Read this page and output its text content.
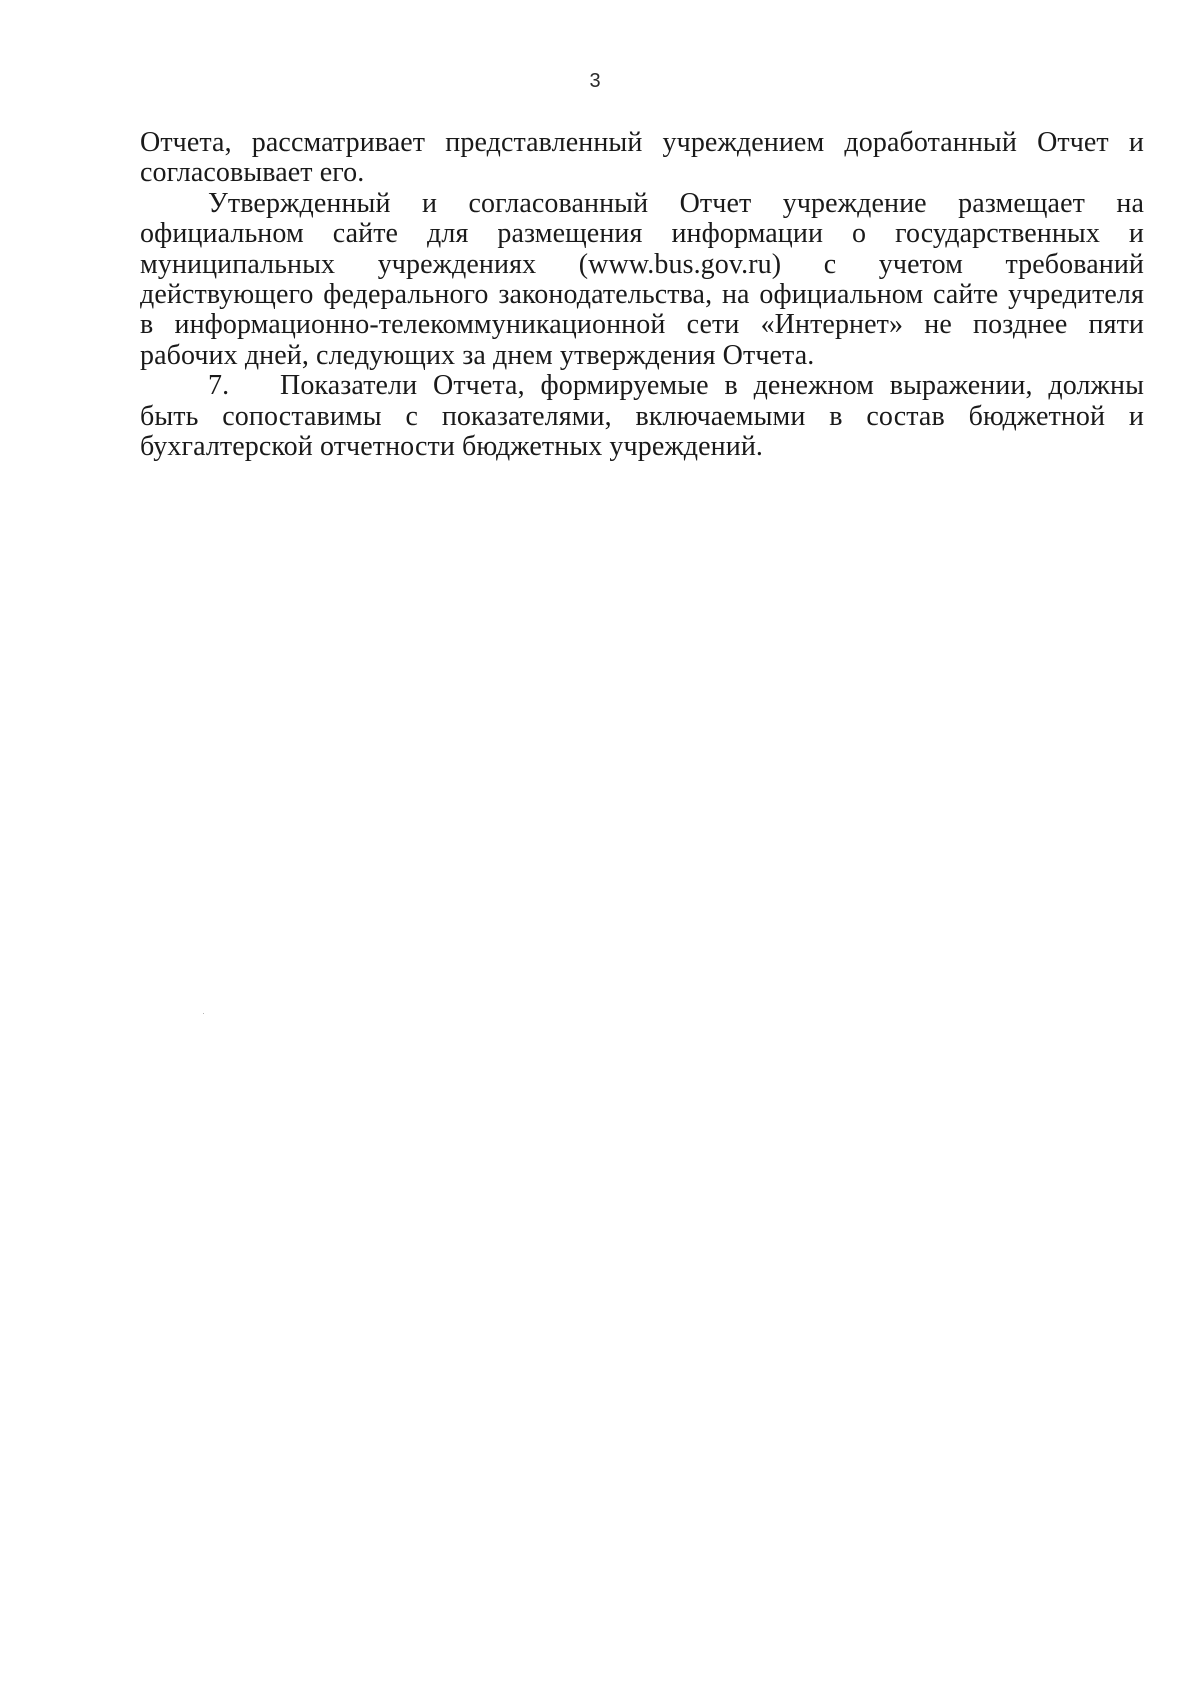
3

Отчета, рассматривает представленный учреждением доработанный Отчет и согласовывает его.

Утвержденный и согласованный Отчет учреждение размещает на официальном сайте для размещения информации о государственных и муниципальных учреждениях (www.bus.gov.ru) с учетом требований действующего федерального законодательства, на официальном сайте учредителя в информационно-телекоммуникационной сети «Интернет» не позднее пяти рабочих дней, следующих за днем утверждения Отчета.

7. Показатели Отчета, формируемые в денежном выражении, должны быть сопоставимы с показателями, включаемыми в состав бюджетной и бухгалтерской отчетности бюджетных учреждений.
